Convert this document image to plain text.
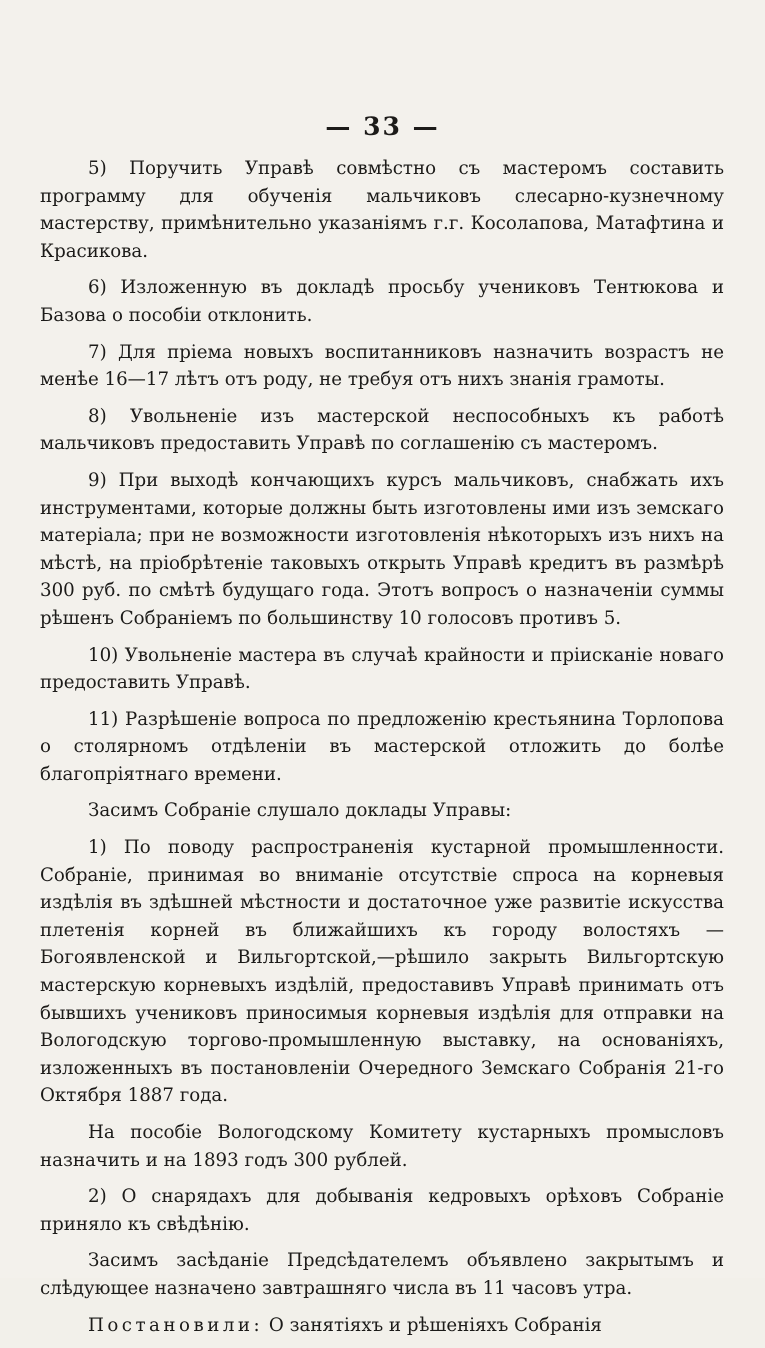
— 33 —

5) Поручить Управѣ совмѣстно съ мастеромъ составить программу для обученія мальчиковъ слесарно-кузнечному мастерству, примѣнительно указаніямъ г.г. Косолапова, Матафтина и Красикова.

6) Изложенную въ докладѣ просьбу учениковъ Тентюкова и Базова о пособіи отклонить.

7) Для пріема новыхъ воспитанниковъ назначить возрастъ не менѣе 16—17 лѣтъ отъ роду, не требуя отъ нихъ знанія грамоты.

8) Увольненіе изъ мастерской неспособныхъ къ работѣ мальчиковъ предоставить Управѣ по соглашенію съ мастеромъ.

9) При выходѣ кончающихъ курсъ мальчиковъ, снабжать ихъ инструментами, которые должны быть изготовлены ими изъ земскаго матеріала; при не возможности изготовленія нѣкоторыхъ изъ нихъ на мѣстѣ, на пріобрѣтеніе таковыхъ открыть Управѣ кредитъ въ размѣрѣ 300 руб. по смѣтѣ будущаго года. Этотъ вопросъ о назначеніи суммы рѣшенъ Собраніемъ по большинству 10 голосовъ противъ 5.

10) Увольненіе мастера въ случаѣ крайности и пріисканіе новаго предоставить Управѣ.

11) Разрѣшеніе вопроса по предложенію крестьянина Торлопова о столярномъ отдѣленіи въ мастерской отложить до болѣе благопріятнаго времени.

Засимъ Собраніе слушало доклады Управы:

1) По поводу распространенія кустарной промышленности. Собраніе, принимая во вниманіе отсутствіе спроса на корневыя издѣлія въ здѣшней мѣстности и достаточное уже развитіе искусства плетенія корней въ ближайшихъ къ городу волостяхъ — Богоявленской и Вильгортской,—рѣшило закрыть Вильгортскую мастерскую корневыхъ издѣлій, предоставивъ Управѣ принимать отъ бывшихъ учениковъ приносимыя корневыя издѣлія для отправки на Вологодскую торгово-промышленную выставку, на основаніяхъ, изложенныхъ въ постановленіи Очередного Земскаго Собранія 21-го Октября 1887 года.

На пособіе Вологодскому Комитету кустарныхъ промысловъ назначить и на 1893 годъ 300 рублей.

2) О снарядахъ для добыванія кедровыхъ орѣховъ Собраніе приняло къ свѣдѣнію.

Засимъ засѣданіе Предсѣдателемъ объявлено закрытымъ и слѣдующее назначено завтрашняго числа въ 11 часовъ утра.

Постановили: О занятіяхъ и рѣшеніяхъ Собранія
